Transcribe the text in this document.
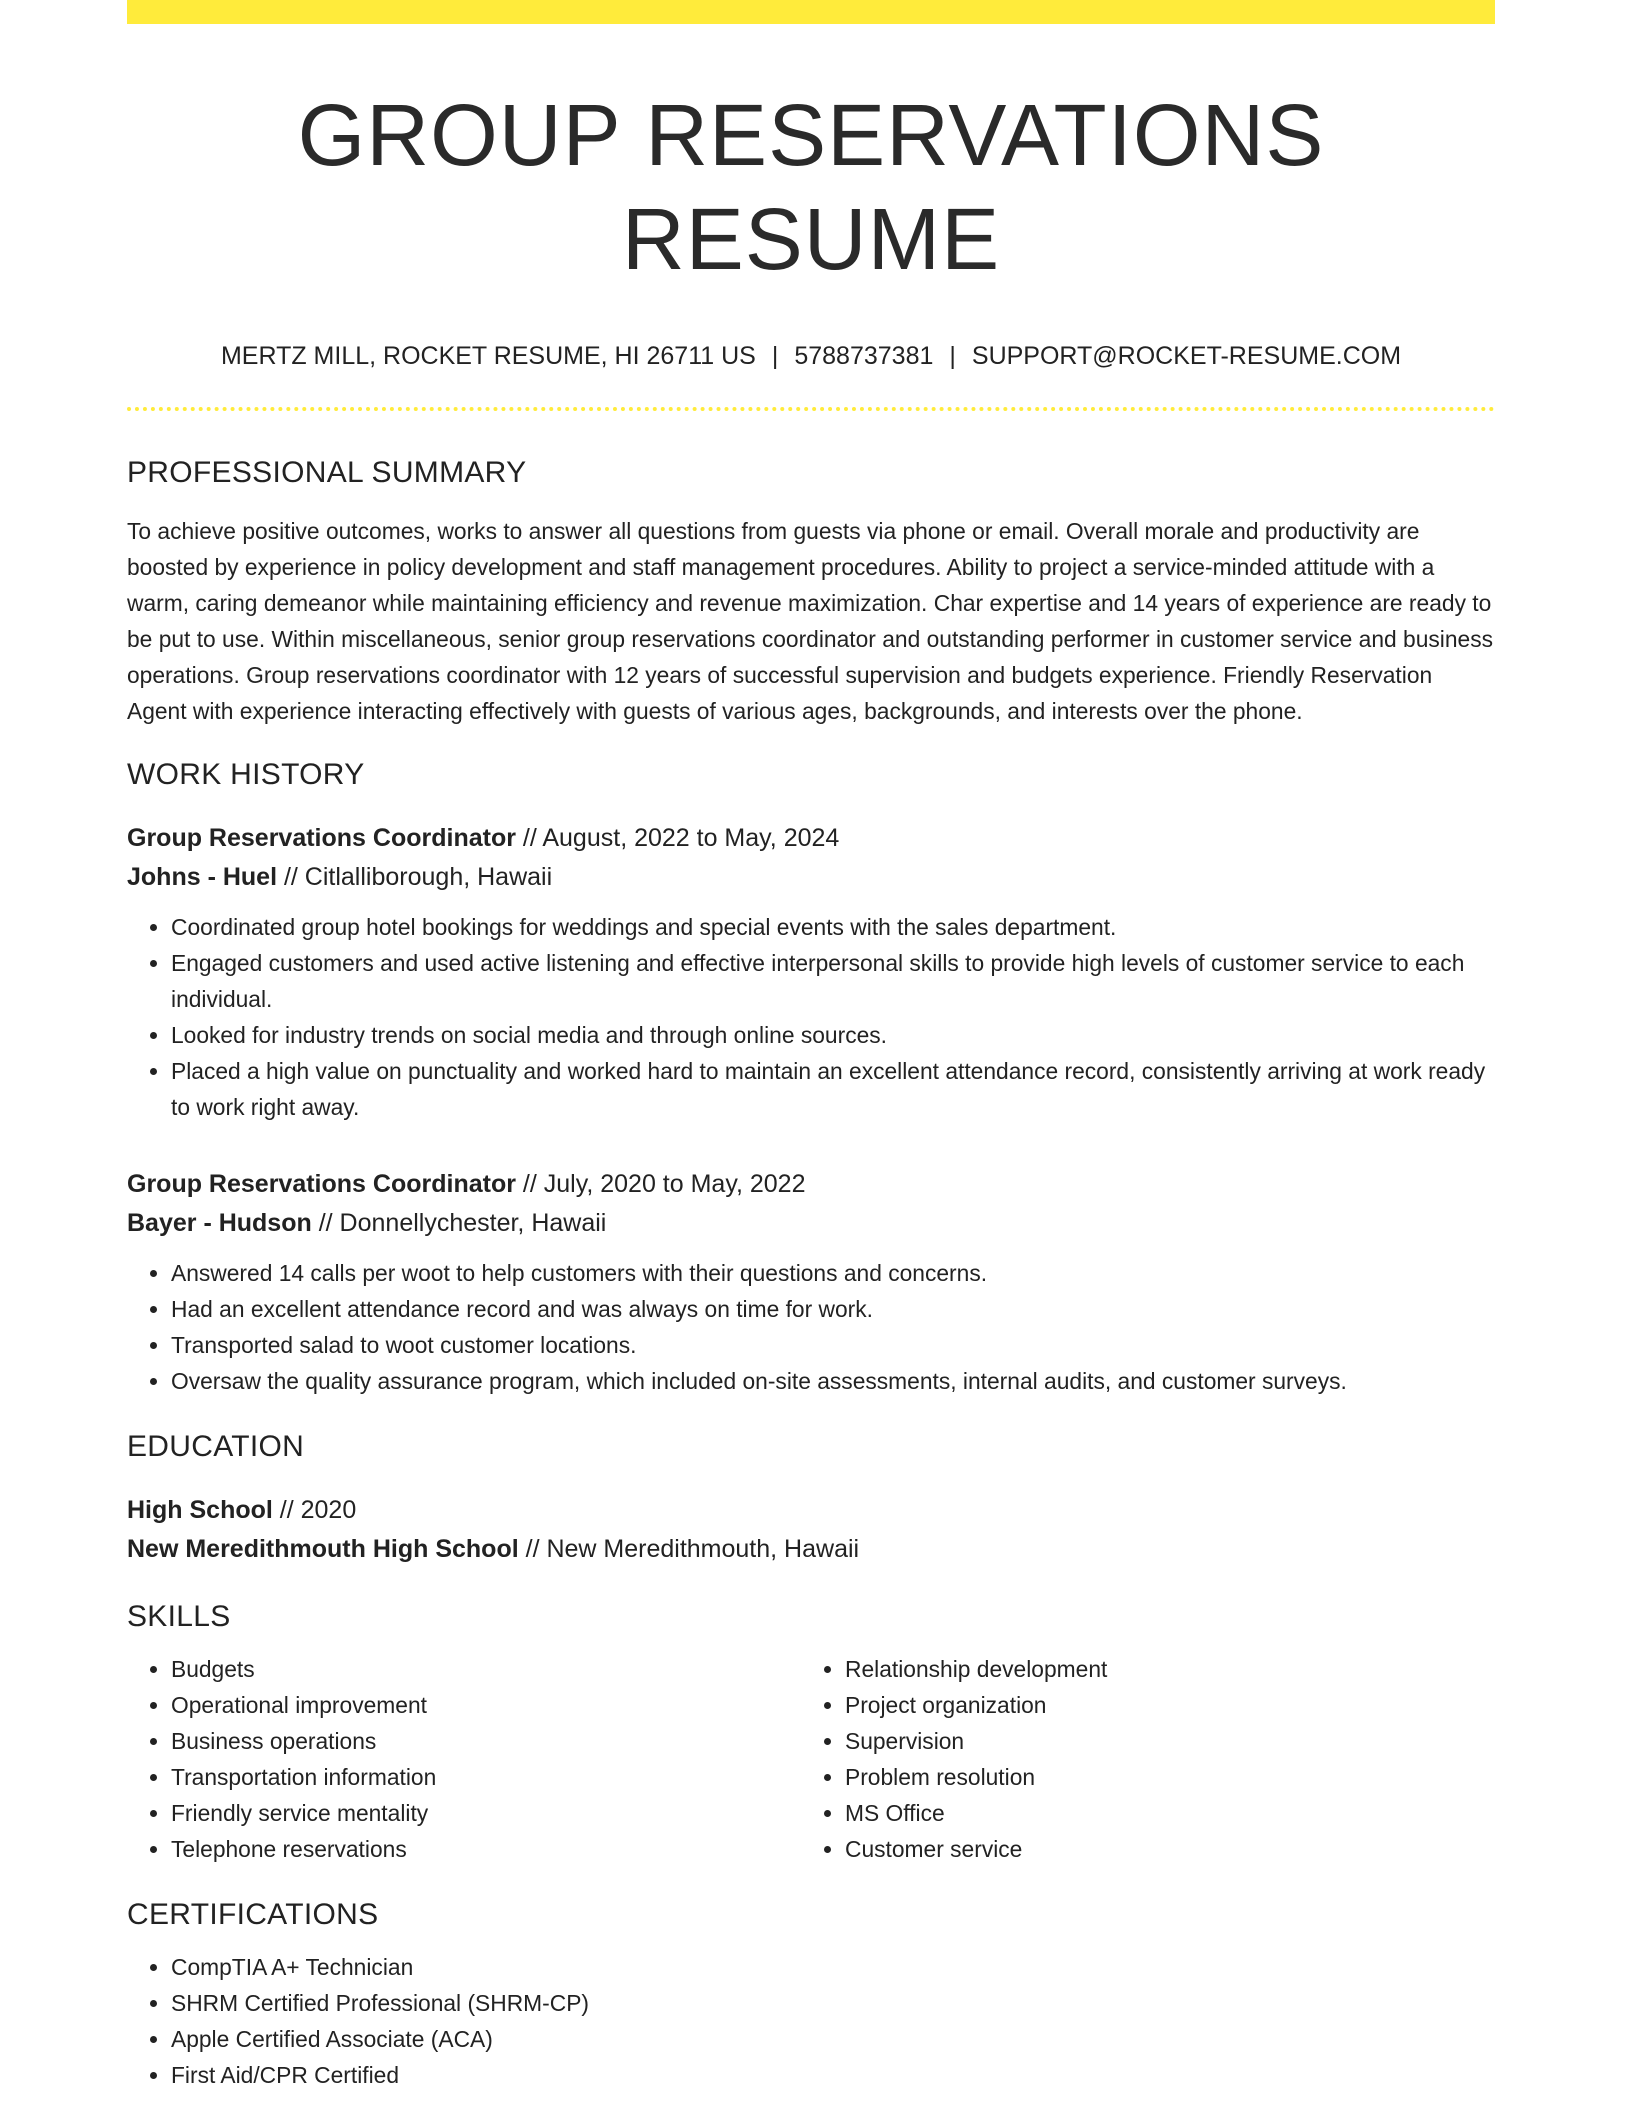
GROUP RESERVATIONS RESUME
MERTZ MILL, ROCKET RESUME, HI 26711 US | 5788737381 | SUPPORT@ROCKET-RESUME.COM
PROFESSIONAL SUMMARY
To achieve positive outcomes, works to answer all questions from guests via phone or email. Overall morale and productivity are boosted by experience in policy development and staff management procedures. Ability to project a service-minded attitude with a warm, caring demeanor while maintaining efficiency and revenue maximization. Char expertise and 14 years of experience are ready to be put to use. Within miscellaneous, senior group reservations coordinator and outstanding performer in customer service and business operations. Group reservations coordinator with 12 years of successful supervision and budgets experience. Friendly Reservation Agent with experience interacting effectively with guests of various ages, backgrounds, and interests over the phone.
WORK HISTORY
Group Reservations Coordinator // August, 2022 to May, 2024
Johns - Huel // Citlalliborough, Hawaii
• Coordinated group hotel bookings for weddings and special events with the sales department.
• Engaged customers and used active listening and effective interpersonal skills to provide high levels of customer service to each individual.
• Looked for industry trends on social media and through online sources.
• Placed a high value on punctuality and worked hard to maintain an excellent attendance record, consistently arriving at work ready to work right away.
Group Reservations Coordinator // July, 2020 to May, 2022
Bayer - Hudson // Donnellychester, Hawaii
• Answered 14 calls per woot to help customers with their questions and concerns.
• Had an excellent attendance record and was always on time for work.
• Transported salad to woot customer locations.
• Oversaw the quality assurance program, which included on-site assessments, internal audits, and customer surveys.
EDUCATION
High School // 2020
New Meredithmouth High School // New Meredithmouth, Hawaii
SKILLS
• Budgets
• Operational improvement
• Business operations
• Transportation information
• Friendly service mentality
• Telephone reservations
• Relationship development
• Project organization
• Supervision
• Problem resolution
• MS Office
• Customer service
CERTIFICATIONS
• CompTIA A+ Technician
• SHRM Certified Professional (SHRM-CP)
• Apple Certified Associate (ACA)
• First Aid/CPR Certified
